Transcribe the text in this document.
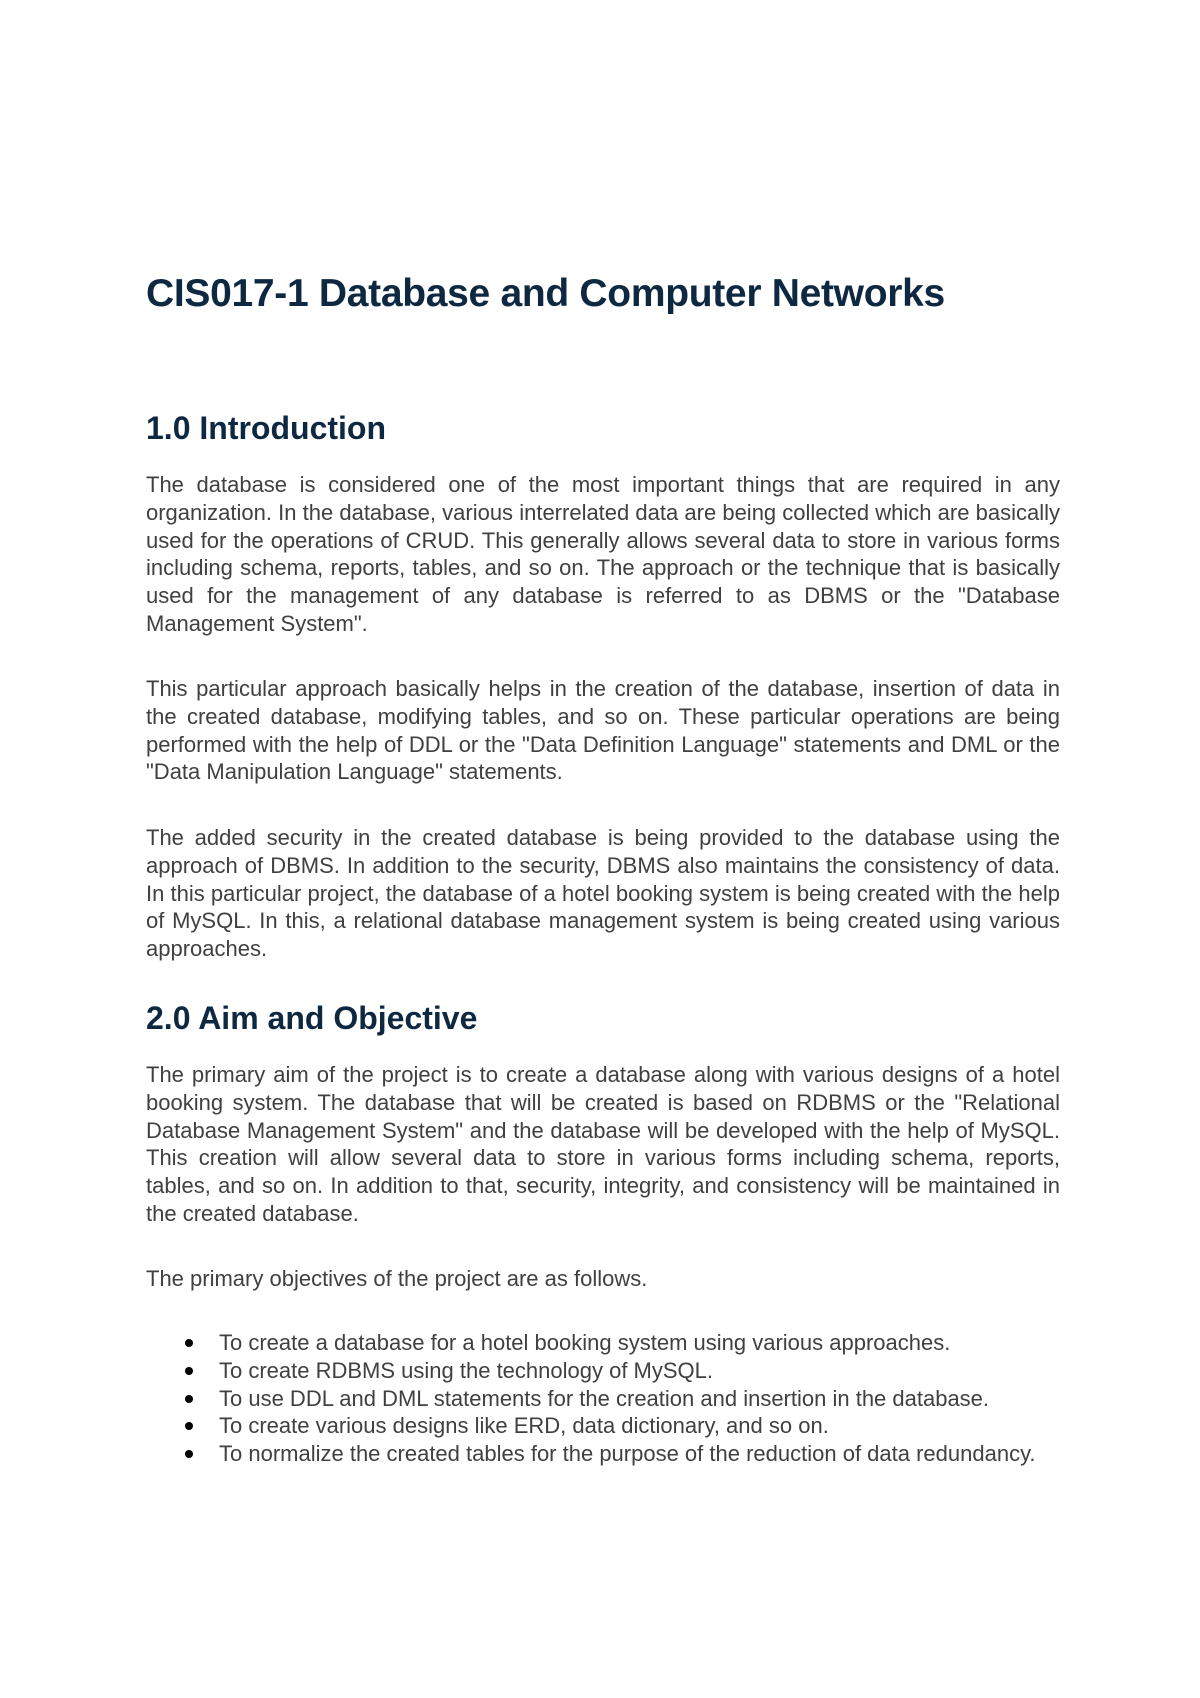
CIS017-1 Database and Computer Networks
1.0 Introduction

The database is considered one of the most important things that are required in any organization. In the database, various interrelated data are being collected which are basically used for the operations of CRUD. This generally allows several data to store in various forms including schema, reports, tables, and so on. The approach or the technique that is basically used for the management of any database is referred to as DBMS or the "Database Management System".

This particular approach basically helps in the creation of the database, insertion of data in the created database, modifying tables, and so on. These particular operations are being performed with the help of DDL or the "Data Definition Language" statements and DML or the "Data Manipulation Language" statements.

The added security in the created database is being provided to the database using the approach of DBMS. In addition to the security, DBMS also maintains the consistency of data. In this particular project, the database of a hotel booking system is being created with the help of MySQL. In this, a relational database management system is being created using various approaches.

2.0 Aim and Objective

The primary aim of the project is to create a database along with various designs of a hotel booking system. The database that will be created is based on RDBMS or the "Relational Database Management System" and the database will be developed with the help of MySQL. This creation will allow several data to store in various forms including schema, reports, tables, and so on. In addition to that, security, integrity, and consistency will be maintained in the created database.

The primary objectives of the project are as follows.

To create a database for a hotel booking system using various approaches.
To create RDBMS using the technology of MySQL.
To use DDL and DML statements for the creation and insertion in the database.
To create various designs like ERD, data dictionary, and so on.
To normalize the created tables for the purpose of the reduction of data redundancy.
